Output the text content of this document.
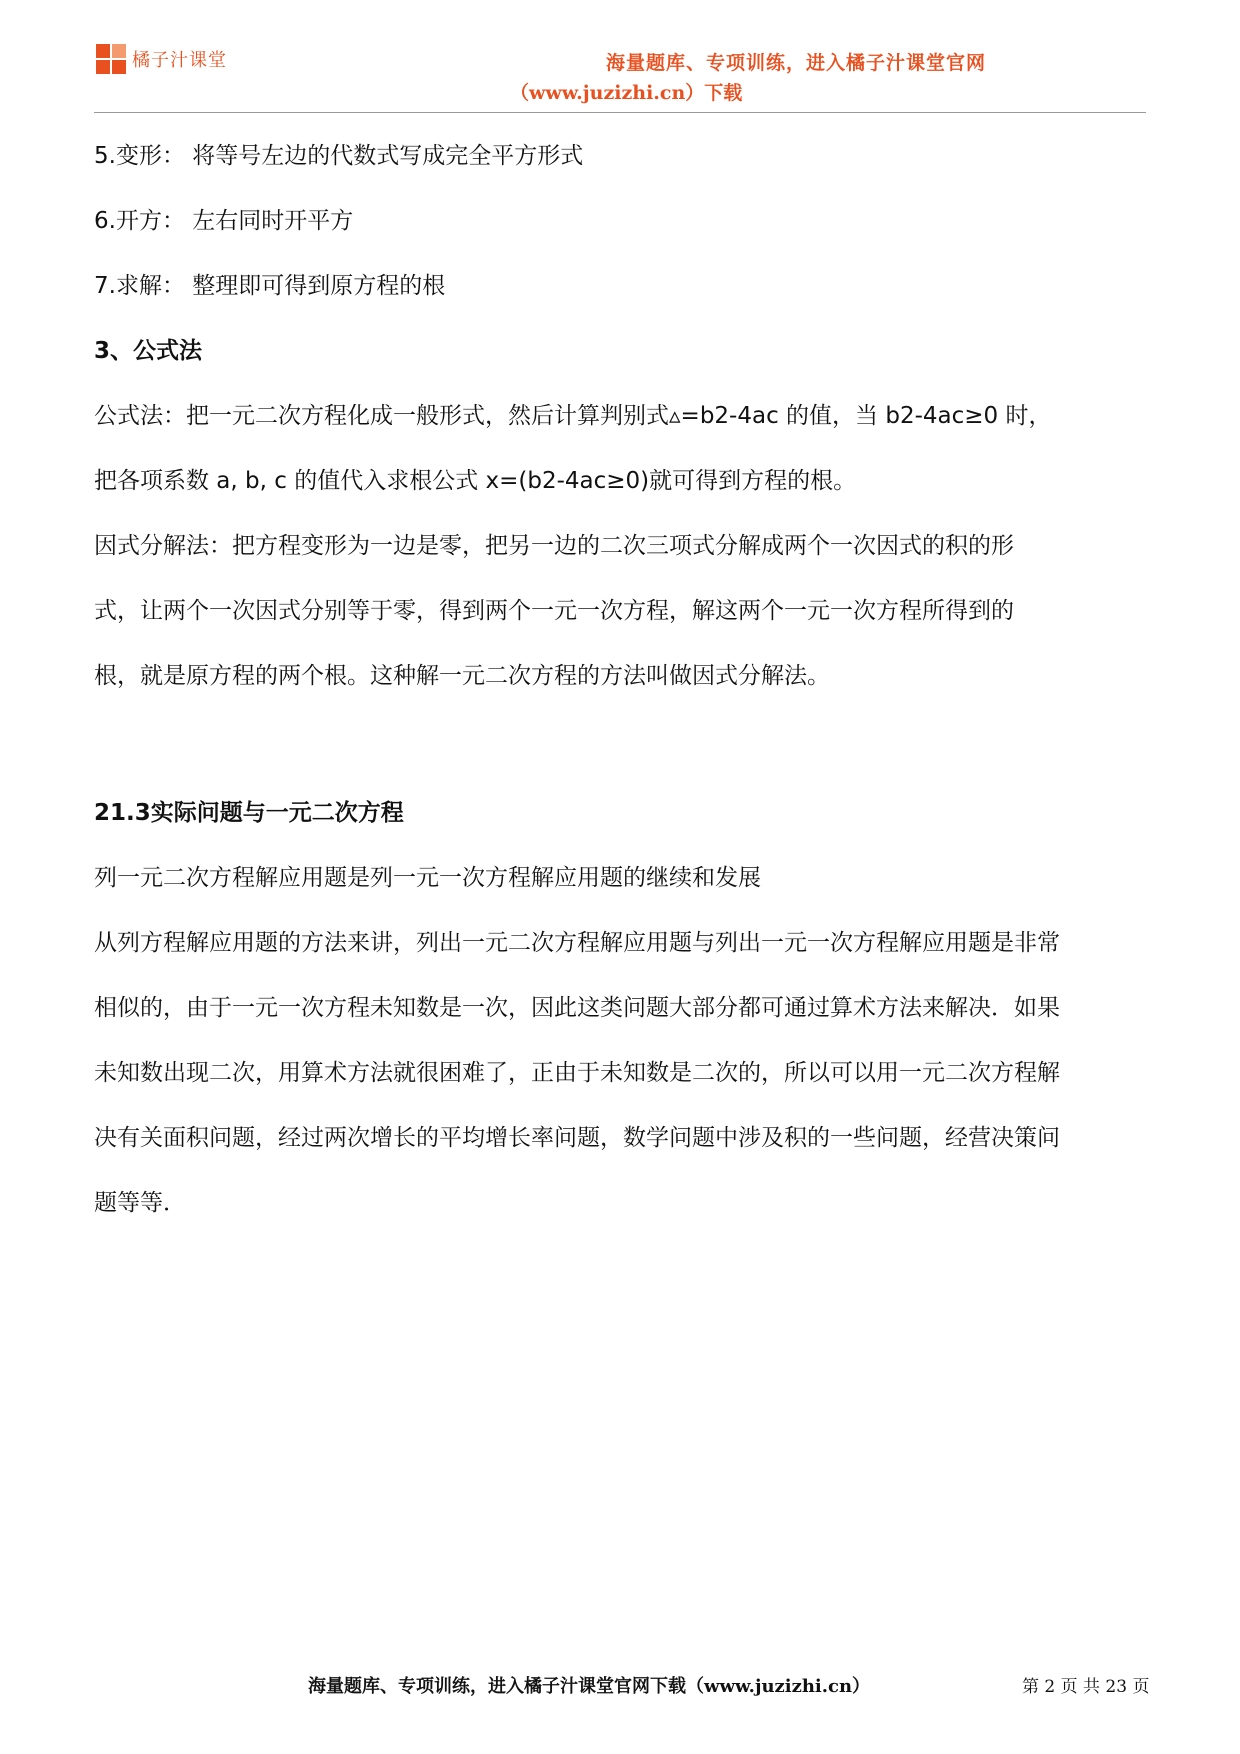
橘子汁课堂	海量题库、专项训练，进入橘子汁课堂官网
（www.juzizhi.cn）下载

5.变形： 将等号左边的代数式写成完全平方形式

6.开方： 左右同时开平方

7.求解： 整理即可得到原方程的根

3、公式法

公式法：把一元二次方程化成一般形式，然后计算判别式▵=b2-4ac 的值，当 b2-4ac≥0 时，

把各项系数 a, b, c 的值代入求根公式 x=(b2-4ac≥0)就可得到方程的根。

因式分解法：把方程变形为一边是零，把另一边的二次三项式分解成两个一次因式的积的形

式，让两个一次因式分别等于零，得到两个一元一次方程，解这两个一元一次方程所得到的

根，就是原方程的两个根。这种解一元二次方程的方法叫做因式分解法。

21.3实际问题与一元二次方程

列一元二次方程解应用题是列一元一次方程解应用题的继续和发展

从列方程解应用题的方法来讲，列出一元二次方程解应用题与列出一元一次方程解应用题是非常

相似的，由于一元一次方程未知数是一次，因此这类问题大部分都可通过算术方法来解决．如果

未知数出现二次，用算术方法就很困难了，正由于未知数是二次的，所以可以用一元二次方程解

决有关面积问题，经过两次增长的平均增长率问题，数学问题中涉及积的一些问题，经营决策问

题等等．

海量题库、专项训练，进入橘子汁课堂官网下载（www.juzizhi.cn）	第 2 页 共 23 页
